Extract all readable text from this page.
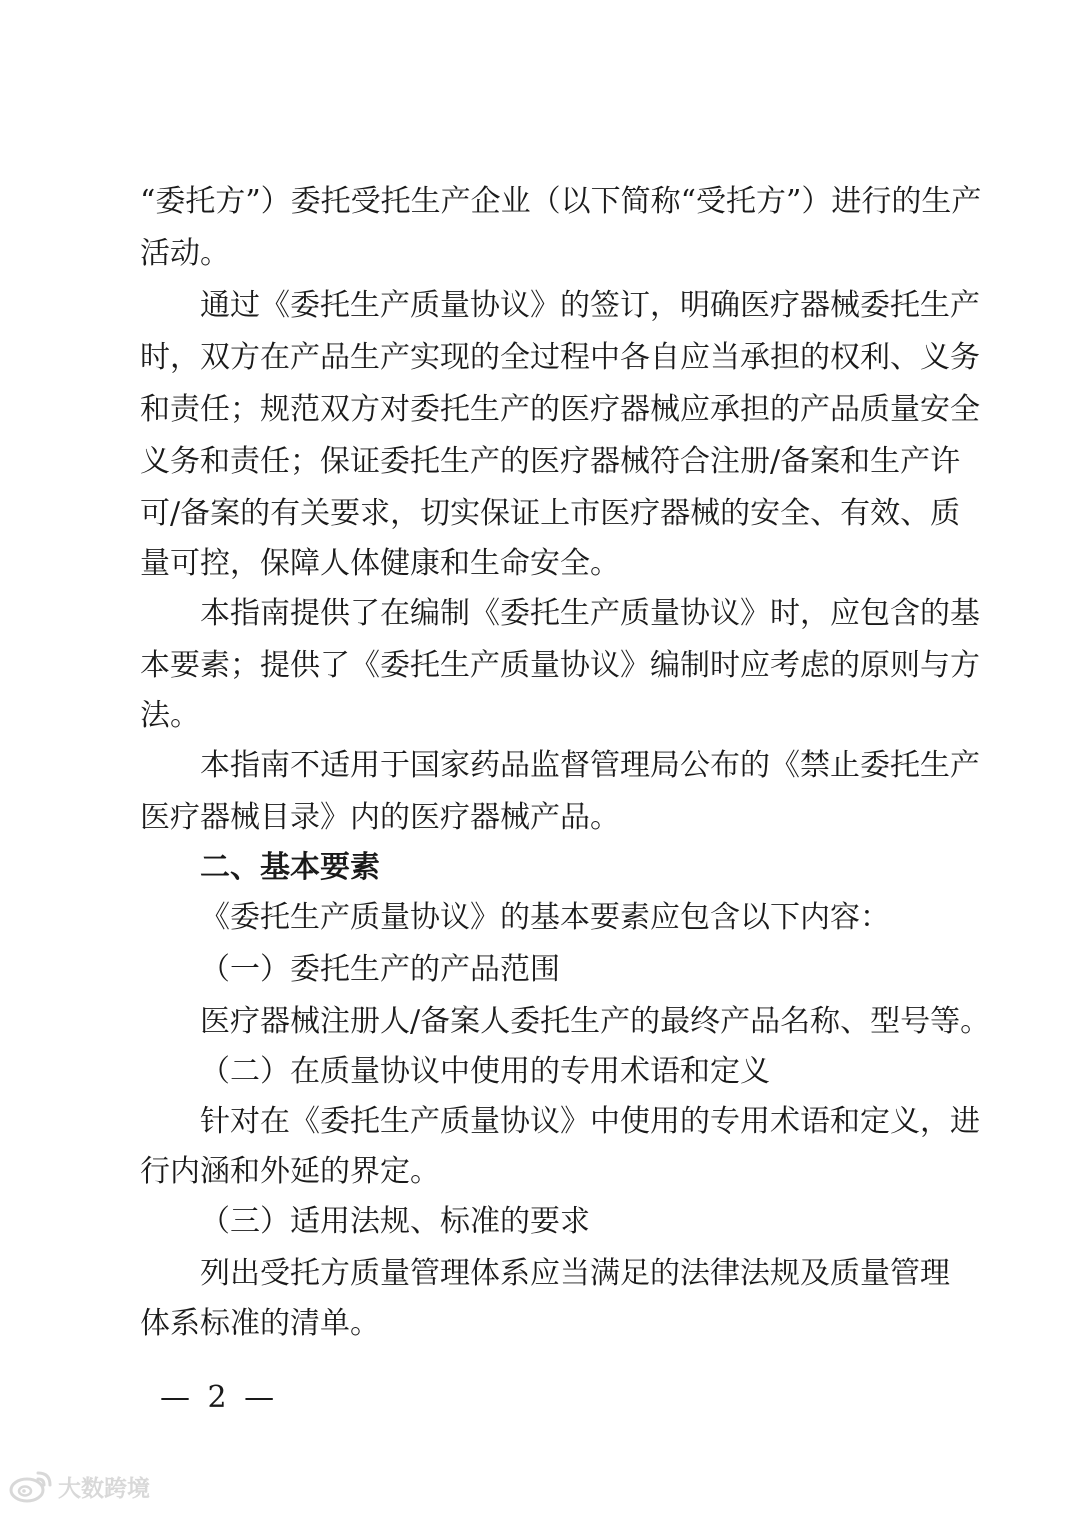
“委托方”）委托受托生产企业（以下简称“受托方”）进行的生产
活动。
通过《委托生产质量协议》的签订，明确医疗器械委托生产
时，双方在产品生产实现的全过程中各自应当承担的权利、义务
和责任；规范双方对委托生产的医疗器械应承担的产品质量安全
义务和责任；保证委托生产的医疗器械符合注册/备案和生产许
可/备案的有关要求，切实保证上市医疗器械的安全、有效、质
量可控，保障人体健康和生命安全。
本指南提供了在编制《委托生产质量协议》时，应包含的基
本要素；提供了《委托生产质量协议》编制时应考虑的原则与方
法。
本指南不适用于国家药品监督管理局公布的《禁止委托生产
医疗器械目录》内的医疗器械产品。
二、基本要素
《委托生产质量协议》的基本要素应包含以下内容：
（一）委托生产的产品范围
医疗器械注册人/备案人委托生产的最终产品名称、型号等。
（二）在质量协议中使用的专用术语和定义
针对在《委托生产质量协议》中使用的专用术语和定义，进
行内涵和外延的界定。
（三）适用法规、标准的要求
列出受托方质量管理体系应当满足的法律法规及质量管理
体系标准的清单。
— 2 —
大数跨境
